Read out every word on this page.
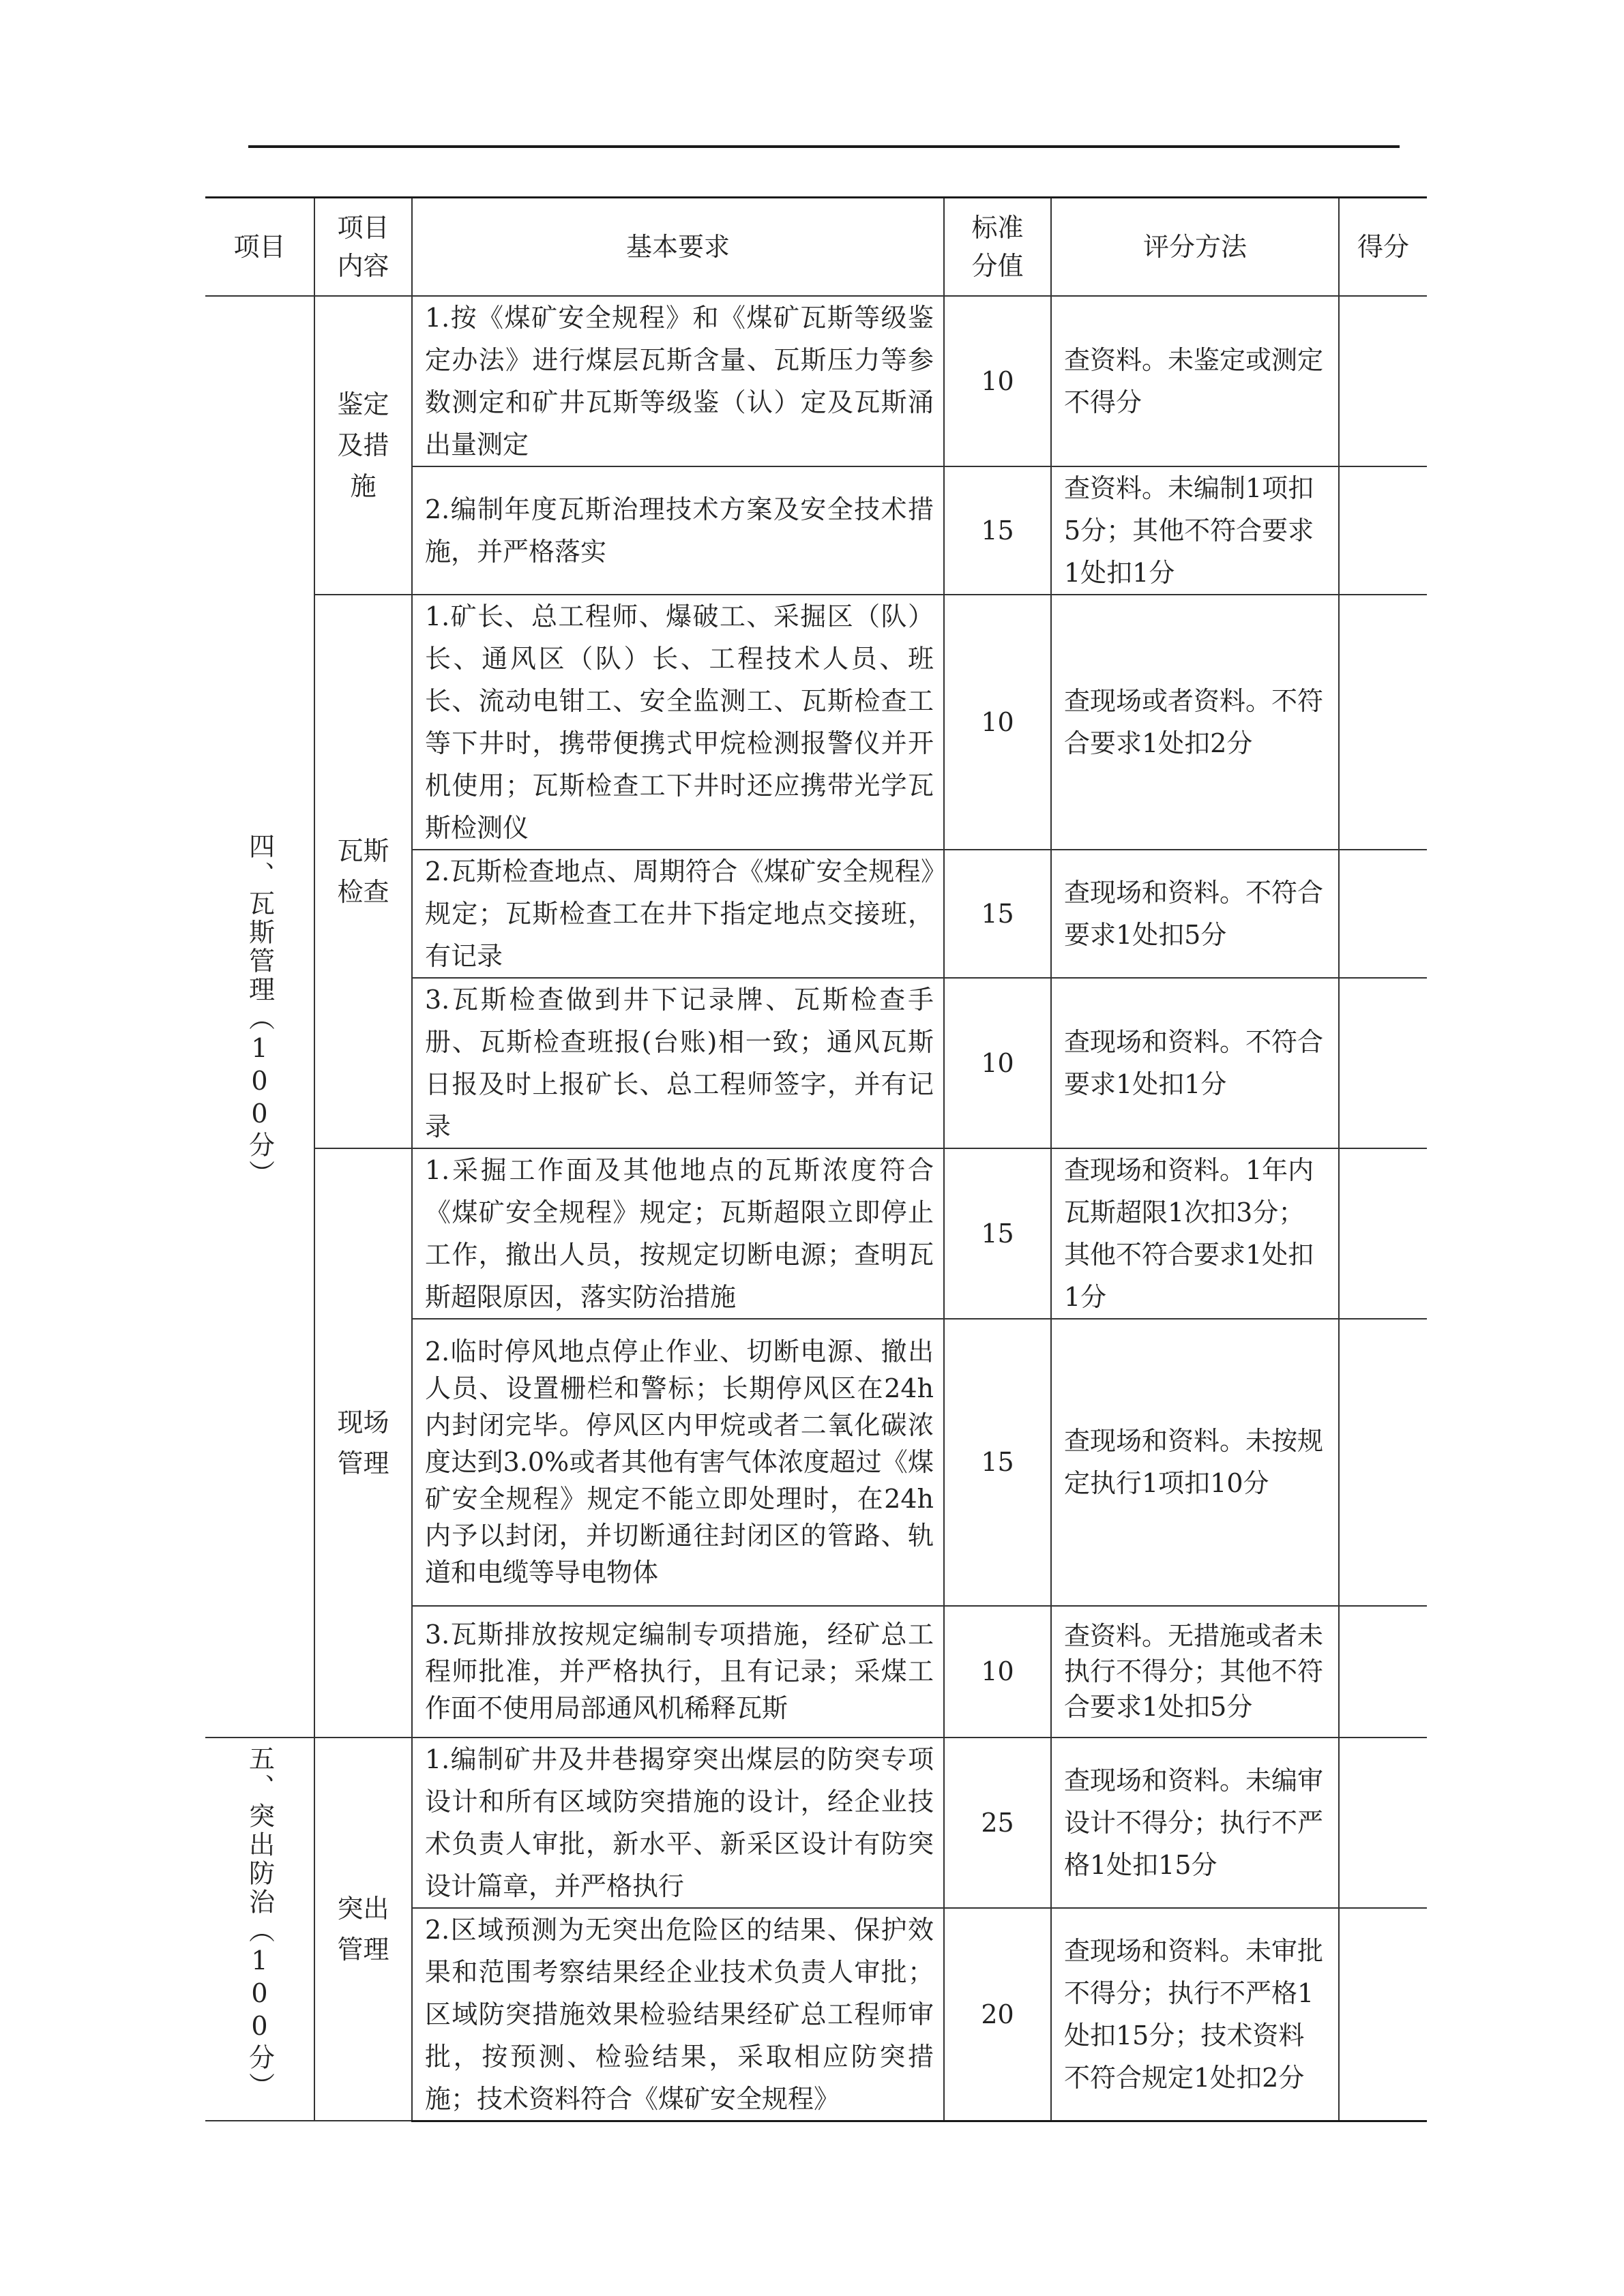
项目	项目内容	基本要求	标准分值	评分方法	得分
四、瓦斯管理（100分）	鉴定及措施	1.按《煤矿安全规程》和《煤矿瓦斯等级鉴定办法》进行煤层瓦斯含量、瓦斯压力等参数测定和矿井瓦斯等级鉴（认）定及瓦斯涌出量测定	10	查资料。未鉴定或测定不得分	
		2.编制年度瓦斯治理技术方案及安全技术措施，并严格落实	15	查资料。未编制1项扣5分；其他不符合要求1处扣1分	
	瓦斯检查	1.矿长、总工程师、爆破工、采掘区（队）长、通风区（队）长、工程技术人员、班长、流动电钳工、安全监测工、瓦斯检查工等下井时，携带便携式甲烷检测报警仪并开机使用；瓦斯检查工下井时还应携带光学瓦斯检测仪	10	查现场或者资料。不符合要求1处扣2分	
		2.瓦斯检查地点、周期符合《煤矿安全规程》规定；瓦斯检查工在井下指定地点交接班，有记录	15	查现场和资料。不符合要求1处扣5分	
		3.瓦斯检查做到井下记录牌、瓦斯检查手册、瓦斯检查班报(台账)相一致；通风瓦斯日报及时上报矿长、总工程师签字，并有记录	10	查现场和资料。不符合要求1处扣1分	
	现场管理	1.采掘工作面及其他地点的瓦斯浓度符合《煤矿安全规程》规定；瓦斯超限立即停止工作，撤出人员，按规定切断电源；查明瓦斯超限原因，落实防治措施	15	查现场和资料。1年内瓦斯超限1次扣3分；其他不符合要求1处扣1分	
		2.临时停风地点停止作业、切断电源、撤出人员、设置栅栏和警标；长期停风区在24h内封闭完毕。停风区内甲烷或者二氧化碳浓度达到3.0%或者其他有害气体浓度超过《煤矿安全规程》规定不能立即处理时，在24h内予以封闭，并切断通往封闭区的管路、轨道和电缆等导电物体	15	查现场和资料。未按规定执行1项扣10分	
		3.瓦斯排放按规定编制专项措施，经矿总工程师批准，并严格执行，且有记录；采煤工作面不使用局部通风机稀释瓦斯	10	查资料。无措施或者未执行不得分；其他不符合要求1处扣5分	
五、突出防治（100分）	突出管理	1.编制矿井及井巷揭穿突出煤层的防突专项设计和所有区域防突措施的设计，经企业技术负责人审批，新水平、新采区设计有防突设计篇章，并严格执行	25	查现场和资料。未编审设计不得分；执行不严格1处扣15分	
		2.区域预测为无突出危险区的结果、保护效果和范围考察结果经企业技术负责人审批；区域防突措施效果检验结果经矿总工程师审批，按预测、检验结果，采取相应防突措施；技术资料符合《煤矿安全规程》	20	查现场和资料。未审批不得分；执行不严格1处扣15分；技术资料不符合规定1处扣2分	
